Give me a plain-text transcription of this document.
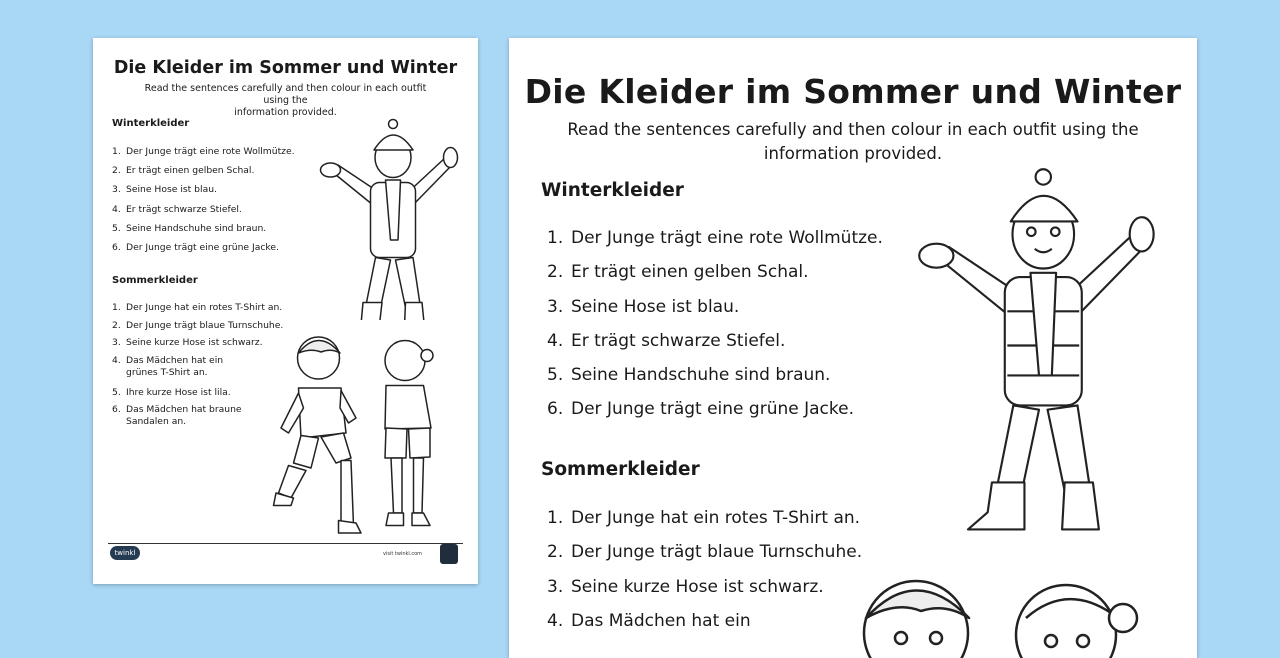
Die Kleider im Sommer und Winter
Read the sentences carefully and then colour in each outfit using the
information provided.
Winterkleider
1. Der Junge trägt eine rote Wollmütze.
2. Er trägt einen gelben Schal.
3. Seine Hose ist blau.
4. Er trägt schwarze Stiefel.
5. Seine Handschuhe sind braun.
6. Der Junge trägt eine grüne Jacke.
Sommerkleider
1. Der Junge hat ein rotes T-Shirt an.
2. Der Junge trägt blaue Turnschuhe.
3. Seine kurze Hose ist schwarz.
4. Das Mädchen hat ein
grünes T-Shirt an.
5. Ihre kurze Hose ist lila.
6. Das Mädchen hat braune
Sandalen an.
twinkl	visit twinkl.com
Die Kleider im Sommer und Winter
Read the sentences carefully and then colour in each outfit using the
information provided.
Winterkleider
1. Der Junge trägt eine rote Wollmütze.
2. Er trägt einen gelben Schal.
3. Seine Hose ist blau.
4. Er trägt schwarze Stiefel.
5. Seine Handschuhe sind braun.
6. Der Junge trägt eine grüne Jacke.
Sommerkleider
1. Der Junge hat ein rotes T-Shirt an.
2. Der Junge trägt blaue Turnschuhe.
3. Seine kurze Hose ist schwarz.
4. Das Mädchen hat ein
